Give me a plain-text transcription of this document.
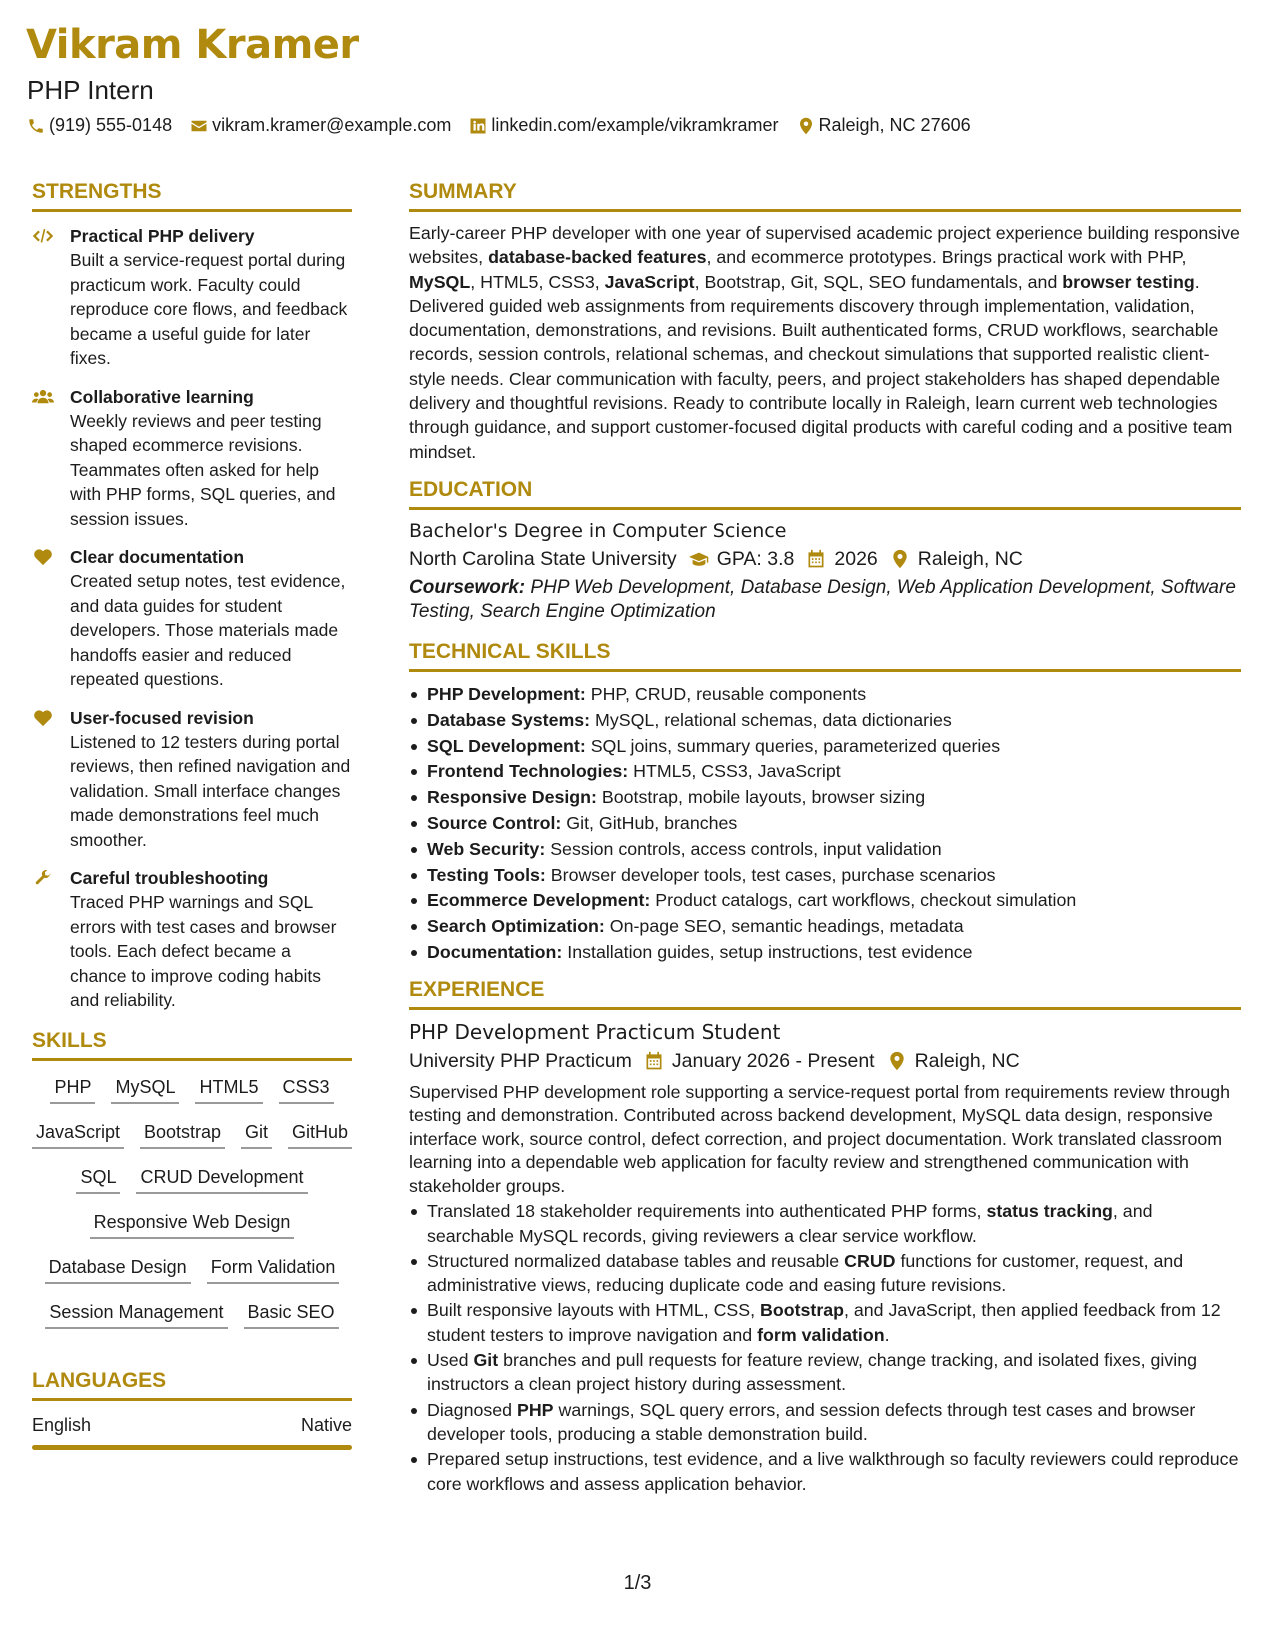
Vikram Kramer
PHP Intern
(919) 555-0148 vikram.kramer@example.com linkedin.com/example/vikramkramer Raleigh, NC 27606
STRENGTHS
Practical PHP delivery
Built a service-request portal during practicum work. Faculty could reproduce core flows, and feedback became a useful guide for later fixes.
Collaborative learning
Weekly reviews and peer testing shaped ecommerce revisions. Teammates often asked for help with PHP forms, SQL queries, and session issues.
Clear documentation
Created setup notes, test evidence, and data guides for student developers. Those materials made handoffs easier and reduced repeated questions.
User-focused revision
Listened to 12 testers during portal reviews, then refined navigation and validation. Small interface changes made demonstrations feel much smoother.
Careful troubleshooting
Traced PHP warnings and SQL errors with test cases and browser tools. Each defect became a chance to improve coding habits and reliability.
SKILLS
PHP MySQL HTML5 CSS3
JavaScript Bootstrap Git GitHub
SQL CRUD Development
Responsive Web Design
Database Design Form Validation
Session Management Basic SEO
LANGUAGES
English	Native
SUMMARY
Early-career PHP developer with one year of supervised academic project experience building responsive websites, database-backed features, and ecommerce prototypes. Brings practical work with PHP, MySQL, HTML5, CSS3, JavaScript, Bootstrap, Git, SQL, SEO fundamentals, and browser testing. Delivered guided web assignments from requirements discovery through implementation, validation, documentation, demonstrations, and revisions. Built authenticated forms, CRUD workflows, searchable records, session controls, relational schemas, and checkout simulations that supported realistic client-style needs. Clear communication with faculty, peers, and project stakeholders has shaped dependable delivery and thoughtful revisions. Ready to contribute locally in Raleigh, learn current web technologies through guidance, and support customer-focused digital products with careful coding and a positive team mindset.
EDUCATION
Bachelor's Degree in Computer Science
North Carolina State University GPA: 3.8 2026 Raleigh, NC
Coursework: PHP Web Development, Database Design, Web Application Development, Software Testing, Search Engine Optimization
TECHNICAL SKILLS
PHP Development: PHP, CRUD, reusable components
Database Systems: MySQL, relational schemas, data dictionaries
SQL Development: SQL joins, summary queries, parameterized queries
Frontend Technologies: HTML5, CSS3, JavaScript
Responsive Design: Bootstrap, mobile layouts, browser sizing
Source Control: Git, GitHub, branches
Web Security: Session controls, access controls, input validation
Testing Tools: Browser developer tools, test cases, purchase scenarios
Ecommerce Development: Product catalogs, cart workflows, checkout simulation
Search Optimization: On-page SEO, semantic headings, metadata
Documentation: Installation guides, setup instructions, test evidence
EXPERIENCE
PHP Development Practicum Student
University PHP Practicum January 2026 - Present Raleigh, NC
Supervised PHP development role supporting a service-request portal from requirements review through testing and demonstration. Contributed across backend development, MySQL data design, responsive interface work, source control, defect correction, and project documentation. Work translated classroom learning into a dependable web application for faculty review and strengthened communication with stakeholder groups.
Translated 18 stakeholder requirements into authenticated PHP forms, status tracking, and searchable MySQL records, giving reviewers a clear service workflow.
Structured normalized database tables and reusable CRUD functions for customer, request, and administrative views, reducing duplicate code and easing future revisions.
Built responsive layouts with HTML, CSS, Bootstrap, and JavaScript, then applied feedback from 12 student testers to improve navigation and form validation.
Used Git branches and pull requests for feature review, change tracking, and isolated fixes, giving instructors a clean project history during assessment.
Diagnosed PHP warnings, SQL query errors, and session defects through test cases and browser developer tools, producing a stable demonstration build.
Prepared setup instructions, test evidence, and a live walkthrough so faculty reviewers could reproduce core workflows and assess application behavior.
1/3
